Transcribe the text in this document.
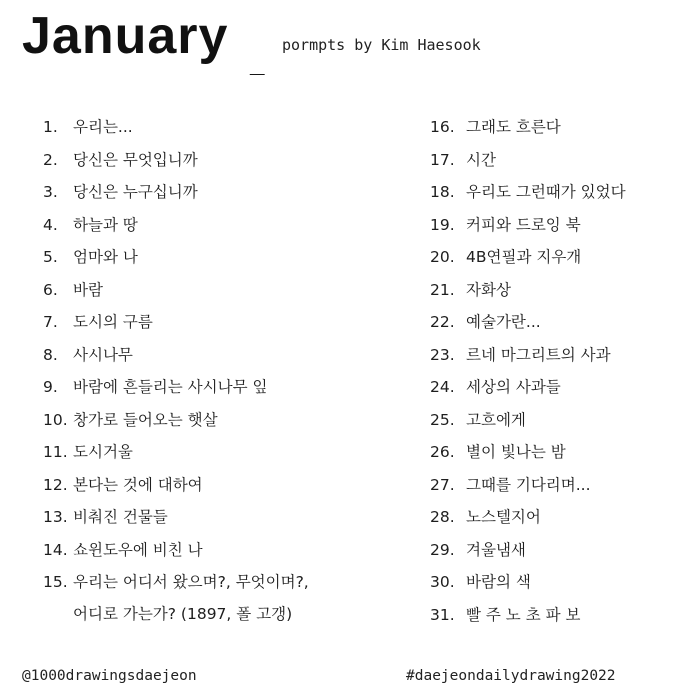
January _
pormpts by Kim Haesook
1. 우리는...
2. 당신은 무엇입니까
3. 당신은 누구십니까
4. 하늘과 땅
5. 엄마와 나
6. 바람
7. 도시의 구름
8. 사시나무
9. 바람에 흔들리는 사시나무 잎
10. 창가로 들어오는 햇살
11. 도시거울
12. 본다는 것에 대하여
13. 비춰진 건물들
14. 쇼윈도우에 비친 나
15. 우리는 어디서 왔으며?, 무엇이며?,
어디로 가는가? (1897, 폴 고갱)
16. 그래도 흐른다
17. 시간
18. 우리도 그런때가 있었다
19. 커피와 드로잉 북
20. 4B연필과 지우개
21. 자화상
22. 예술가란...
23. 르네 마그리트의 사과
24. 세상의 사과들
25. 고흐에게
26. 별이 빛나는 밤
27. 그때를 기다리며...
28. 노스텔지어
29. 겨울냄새
30. 바람의 색
31. 빨 주 노 초 파 보
@1000drawingsdaejeon	#daejeondailydrawing2022
